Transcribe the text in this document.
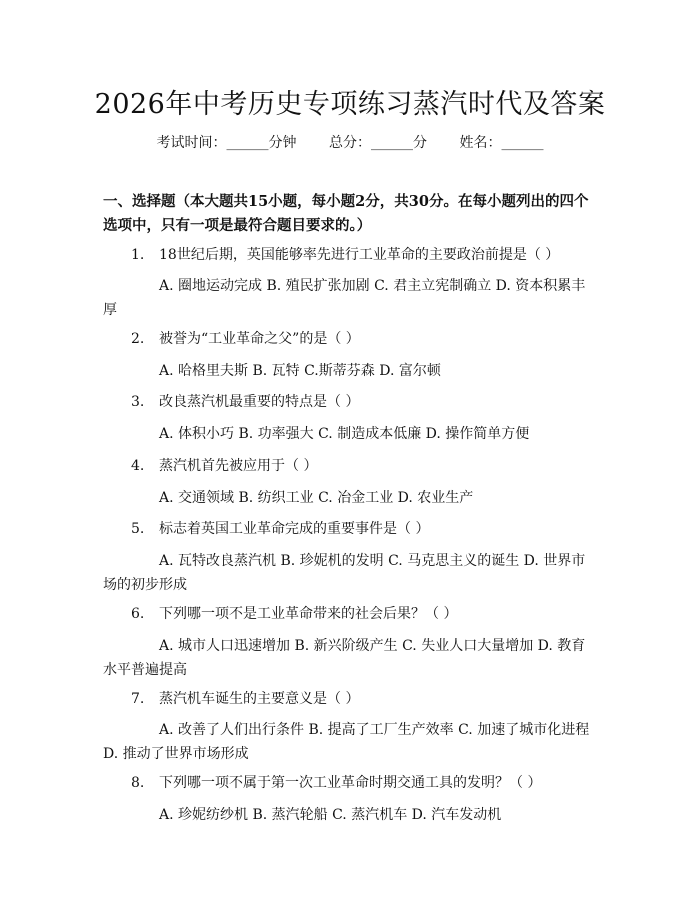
2026年中考历史专项练习蒸汽时代及答案
考试时间：______分钟 总分：______分 姓名：______

一、选择题（本大题共15小题，每小题2分，共30分。在每小题列出的四个选项中，只有一项是最符合题目要求的。）

1. 18世纪后期，英国能够率先进行工业革命的主要政治前提是（ ）

A. 圈地运动完成 B. 殖民扩张加剧 C. 君主立宪制确立 D. 资本积累丰厚

2. 被誉为“工业革命之父”的是（ ）

A. 哈格里夫斯 B. 瓦特 C.斯蒂芬森 D. 富尔顿

3. 改良蒸汽机最重要的特点是（ ）

A. 体积小巧 B. 功率强大 C. 制造成本低廉 D. 操作简单方便

4. 蒸汽机首先被应用于（ ）

A. 交通领域 B. 纺织工业 C. 冶金工业 D. 农业生产

5. 标志着英国工业革命完成的重要事件是（ ）

A. 瓦特改良蒸汽机 B. 珍妮机的发明 C. 马克思主义的诞生 D. 世界市场的初步形成

6. 下列哪一项不是工业革命带来的社会后果？（ ）

A. 城市人口迅速增加 B. 新兴阶级产生 C. 失业人口大量增加 D. 教育水平普遍提高

7. 蒸汽机车诞生的主要意义是（ ）

A. 改善了人们出行条件 B. 提高了工厂生产效率 C. 加速了城市化进程 D. 推动了世界市场形成

8. 下列哪一项不属于第一次工业革命时期交通工具的发明？（ ）

A. 珍妮纺纱机 B. 蒸汽轮船 C. 蒸汽机车 D. 汽车发动机
